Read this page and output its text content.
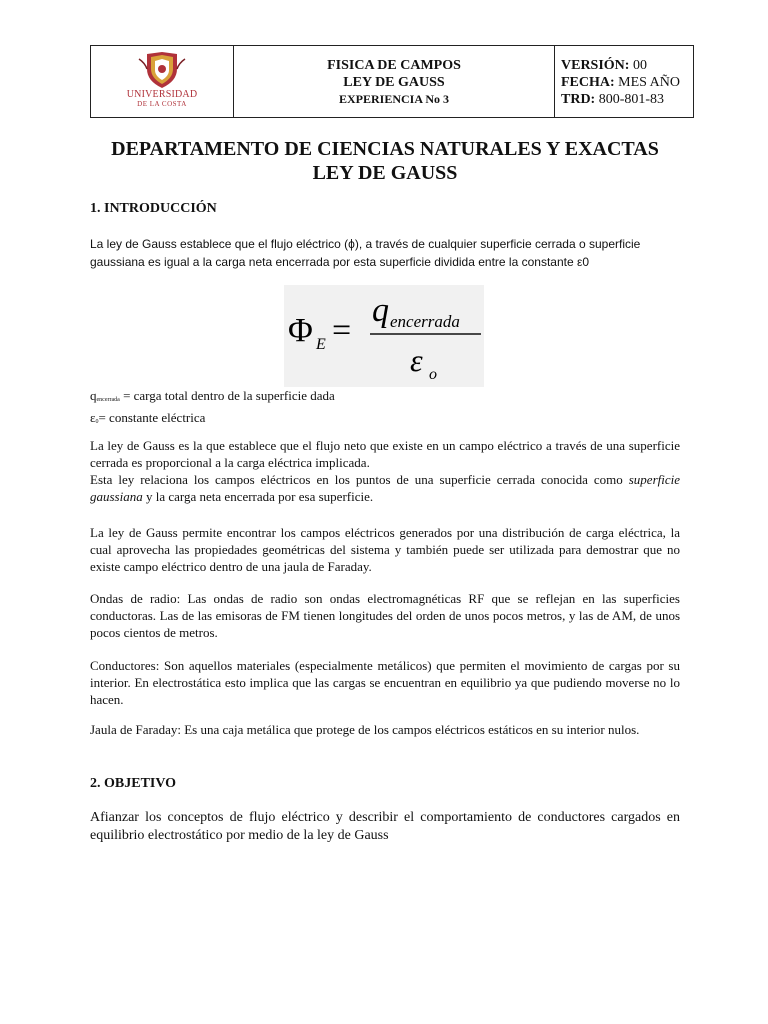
UNIVERSIDAD
DE LA COSTA
FISICA DE CAMPOS
LEY DE GAUSS
EXPERIENCIA No 3
VERSIÓN: 00
FECHA: MES AÑO
TRD: 800-801-83
DEPARTAMENTO DE CIENCIAS NATURALES Y EXACTAS
LEY DE GAUSS
1. INTRODUCCIÓN
La ley de Gauss establece que el flujo eléctrico (ϕ), a través de cualquier superficie cerrada o superficie gaussiana es igual a la carga neta encerrada por esta superficie dividida entre la constante ε0
Φ E =
q encerrada
ε o
qencerrada = carga total dentro de la superficie dada
ε0= constante eléctrica
La ley de Gauss es la que establece que el flujo neto que existe en un campo eléctrico a través de una superficie cerrada es proporcional a la carga eléctrica implicada.
Esta ley relaciona los campos eléctricos en los puntos de una superficie cerrada conocida como superficie gaussiana y la carga neta encerrada por esa superficie.
La ley de Gauss permite encontrar los campos eléctricos generados por una distribución de carga eléctrica, la cual aprovecha las propiedades geométricas del sistema y también puede ser utilizada para demostrar que no existe campo eléctrico dentro de una jaula de Faraday.
Ondas de radio: Las ondas de radio son ondas electromagnéticas RF que se reflejan en las superficies conductoras. Las de las emisoras de FM tienen longitudes del orden de unos pocos metros, y las de AM, de unos pocos cientos de metros.
Conductores: Son aquellos materiales (especialmente metálicos) que permiten el movimiento de cargas por su interior. En electrostática esto implica que las cargas se encuentran en equilibrio ya que pudiendo moverse no lo hacen.
Jaula de Faraday: Es una caja metálica que protege de los campos eléctricos estáticos en su interior nulos.
2. OBJETIVO
Afianzar los conceptos de flujo eléctrico y describir el comportamiento de conductores cargados en equilibrio electrostático por medio de la ley de Gauss
